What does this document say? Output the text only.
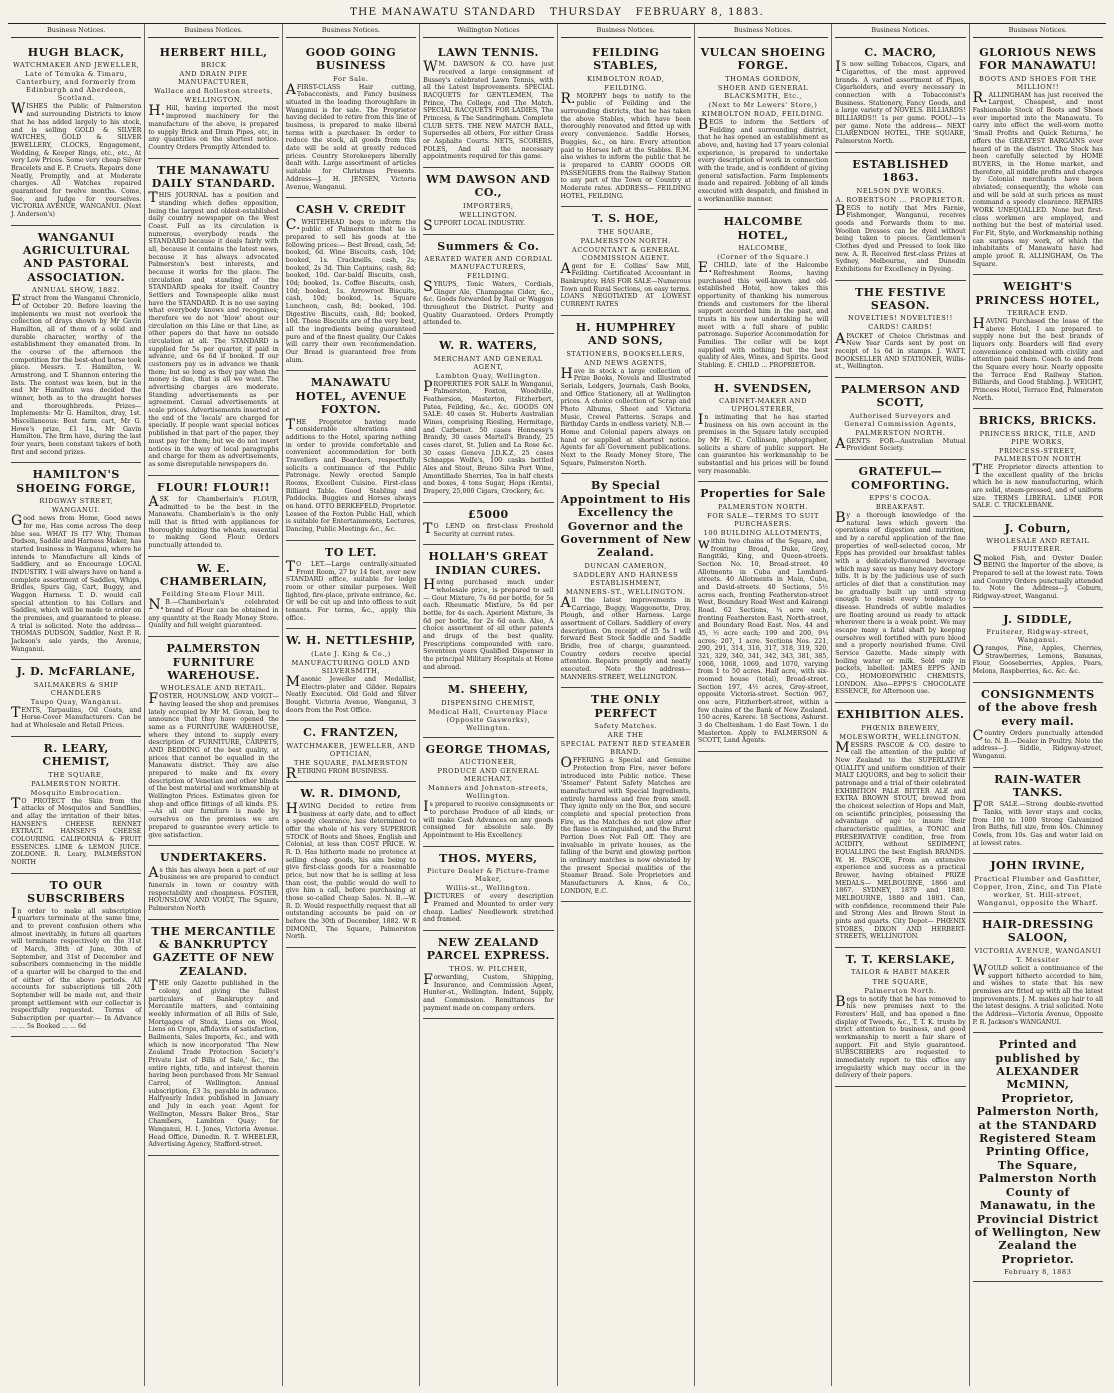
THE MANAWATU STANDARD THURSDAY FEBRUARY 8, 1883.
Business Notices.
HUGH BLACK,
WATCHMAKER AND JEWELLER,
Late of Temuka & Timaru, Canterbury, and formerly from Edinburgh and Aberdeen, Scotland.

WISHES the Public of Palmerston and surrounding Districts to know that he has added largely to his stock, and is selling GOLD & SILVER WATCHES, GOLD & SILVER JEWELLERY, CLOCKS, Engagement, Wedding, & Keeper Rings, etc., etc., At very Low Prices. Some very cheap Silver Bracelets and E. P. Cruets. Repairs done Neatly, Promptly, and at Moderate charges. All Watches repaired guaranteed for twelve months. Come, See, and Judge for yourselves. VICTORIA AVENUE, WANGANUI. (Next J. Anderson's)

WANGANUI AGRICULTURAL AND PASTORAL ASSOCIATION.
ANNUAL SHOW, 1882.

Extract from the Wanganui Chronicle, of October 20. Before leaving the implements we must not overlook the collection of drays shown by Mr Gavin Hamilton, all of them of a solid and durable character, worthy of the establishment they emanated from. In the course of the afternoon the competition for the best-shod horse took place. Messrs. T. Hamilton, W. Armstrong, and T. Shannon entering the lists. The contest was keen, but in the end Mr Hamilton was decided the winner, both as to the draught horses and thoroughbreds. Prizes—Implements: Mr G. Hamilton, dray, 1st. Miscellaneous: Best farm cart, Mr G. Howe's prize, £1 1s., Mr Gavin Hamilton. The firm have, during the last four years, been constant takers of both first and second prizes.

HAMILTON'S SHOEING FORGE,
RIDGWAY STREET,
WANGANUI.

Good news from Home, Good news for me, Has come across The deep blue sea. WHAT IS IT? Why, Thomas Dudson, Saddle and Harness Maker, has started business in Wanganui, where he intends to Manufacture all kinds of Saddlery, and so Encourage LOCAL INDUSTRY. I will always have on hand a complete assortment of Saddles, Whips, Bridles, Spurs Gig, Cart, Buggy, and Waggon Harness. T. D. would call special attention to his Collars and Saddles, which will be made to order on the premises, and guaranteed to please. A trial is solicited. Note the address— THOMAS DUDSON, Saddler, Next P. R. Jackson's sale yards, the Avenue, Wanganui.

J. D. McFARLANE,
SAILMAKERS & SHIP CHANDLERS
Taupo Quay, Wanganui.

TENTS, Tarpaulins, Oil Coats, and Horse-Cover Manufacturers. Can be had at Wholesale and Retail Prices.

R. LEARY, CHEMIST,
THE SQUARE,
PALMERSTON NORTH.
Mosquito Embrocation.

TO PROTECT the Skin from the attacks of Mosquitos and Sandflies, and allay the irritation of their bites. HANSEN'S CHEESE RENNET EXTRACT. HANSEN'S CHEESE COLOURING. CALIFORNIA & FRUIT ESSENCES. LIME & LEMON JUICE. ZOLDONE. R. Leary, PALMERSTON NORTH

TO OUR SUBSCRIBERS

In order to make all subscription quarters terminate at the same time, and to prevent confusion others who almost inevitably, in future all quarters will terminate respectively on the 31st of March, 30th of June, 30th of September, and 31st of December and subscribers commencing in the middle of a quarter will be charged to the end of either of the above periods. All accounts for subscriptions till 20th September will be made out, and their prompt settlement with our collector is respectfully requested. Terms of Subscription per quarter:— In Advance ... ... 5s Booked ... ... 6d

Business Notices.
HERBERT HILL,
BRICK
AND DRAIN PIPE MANUFACTURER,
Wallace and Rolleston streets,
WELLINGTON.

H.Hill, having imported the most improved machinery for the manufacture of the above, is prepared to supply Brick and Drain Pipes, etc, in any quantities on the shortest notice. Country Orders Promptly Attended to.

THE MANAWATU DAILY STANDARD.

THIS JOURNAL has a position and standing which defies opposition, being the largest and oldest-established daily country newspaper on the West Coast. Full as its circulation is numerous, everybody reads the STANDARD because it deals fairly with all, because it contains the latest news, because it has always advocated Palmerston's best interests, and because it works for the place. The circulation and standing of the STANDARD speaks for itself. Country Settlers and Townspeople alike must have the STANDARD. It is no use saying what everybody knows and recognises; therefore we do not 'blow' about our circulation on this Line or that Line, as other papers do that have no outside circulation at all. The STANDARD is supplied for 5s per quarter, if paid in advance, and 6s 6d if booked. If our customers pay us in advance we thank them; but so long as they pay when the money is due, that is all we want. The advertising charges are moderate. Standing advertisements as per agreement. Casual advertisements at scale prices. Advertisements inserted at the end of the 'locals' are charged for specially. If people want special notices published in that part of the paper, they must pay for them; but we do not insert notices in the way of local paragraphs and charge for them as advertisements, as some disreputable newspapers do.

FLOUR! FLOUR!!

ASK for Chamberlain's FLOUR, admitted to be the best in the Manawatu. Chamberlain's is the only mill that is fitted with appliances for thoroughly mixing the wheats, essential to making Good Flour. Orders punctually attended to.

W. E. CHAMBERLAIN,
Feilding Steam Flour Mill.

N.B.—Chamberlain's celebrated brand of Flour can be obtained in any quantity at the Ready Money Store. Quality and full weight guaranteed.

PALMERSTON FURNITURE WAREHOUSE.
WHOLESALE AND RETAIL.

FOSTER, HOUNSLOW, AND VOIGT—having leased the shop and premises lately occupied by Mr M. Govan, beg to announce that they have opened the same as a FURNITURE WAREHOUSE, where they intend to supply every description of FURNITURE, CARPETS, AND BEDDING of the best quality, at prices that cannot be equalled in the Manawatu district. They are also prepared to make and fix every description of Venetian and other blinds of the best material and workmanship at Wellington Prices. Estimates given for shop and office fittings of all kinds. P.S.—As all our furniture is made by ourselves on the premises we are prepared to guarantee every article to give satisfaction.

UNDERTAKERS.

As this has always been a part of our business we are prepared to conduct funerals in town or country with respectability and cheapness. FOSTER, HOUNSLOW, AND VOIGT, The Square, Palmerston North

THE MERCANTILE & BANKRUPTCY GAZETTE OF NEW ZEALAND.

THE only Gazette published in the colony, and giving the fullest particulars of Bankruptcy and Mercantile matters, and containing weekly information of all Bills of Sale, Mortgages of Stock, Liens on Wool, Liens on Crops, affidavits of satisfaction, Bailments, Sales Imports, &c., and with which is now incorporated 'The New Zealand Trade Protection Society's Private List of Bills of Sale,' &c., the entire rights, title, and interest therein having been purchased from Mr Samuel Carrol, of Wellington. Annual subscription, £3 3s, payable in advance. Halfyearly Index published in January and July in each year. Agent for Wellington, Messrs Baker Bros., Star Chambers, Lambton Quay; for Wanganui, H. I. Jones, Victoria Avenue. Head Office, Dunedin. R. T. WHEELER, Advertising Agency, Stafford-street.

Business Notices.
GOOD GOING BUSINESS
For Sale.

AFIRST-CLASS Hair cutting, Tobacconists, and Fancy business situated in the leading thoroughfare in Wanganui is for sale. The Proprietor having decided to retire from this line of business, is prepared to make liberal terms with a purchaser. In order to reduce the stock, all goods from this date will be sold at greatly reduced prices. Country Storekeepers liberally dealt with. Large assortment of articles suitable for Christmas Presents. Address—J. H. JENSEN, Victoria Avenue, Wanganui.

CASH V. CREDIT

C.WHITEHEAD begs to inform the public of Palmerston that he is prepared to sell his goods at the following prices:— Best Bread, cash, 5d; booked, 6d. Wine Biscuits, cash, 10d; booked, 1s. Cracknells, cash, 2s; booked, 2s 3d. Thin Captains, cash, 8d; booked, 10d. Gar-baldi Biscuits, cash, 10d; booked, 1s. Coffee Biscuits, cash, 10d; booked, 1s. Arrowroot Biscuits, cash, 10d; booked, 1s. Square Luncheon, cash, 8d; booked, 10d. Digestive Biscuits, cash, 8d; booked, 10d. These Biscuits are of the very best, all the ingredients being guaranteed pure and of the finest quality. Our Cakes will carry their own recommendation. Our Bread is guaranteed free from alum.

MANAWATU HOTEL, AVENUE FOXTON.

THE Proprietor having made considerable alterations and additions to the Hotel, sparing nothing in order to provide comfortable and convenient accommodation for both Travellers and Boarders, respectfully solicits a continuance of the Public Patronage. Newly erected Sample Rooms, Excellent Cuisine. First-class Billiard Table. Good Stabling and Paddocks. Buggies and Horses always on hand. OTTO BERKEFELD, Proprietor. Lessee of the Foxton Public Hall, which is suitable for Entertainments, Lectures, Dancing, Public Meetings &c., &c.

TO LET.

TO LET.—Large centrally-situated Front Room, 27 by 14 feet, over new STANDARD office, suitable for lodge room or other similar purposes. Well lighted, fire-place, private entrance, &c. Or will be cut up and into offices to suit tenants. For terms, &c., apply this office.

W. H. NETTLESHIP,
(Late J. King & Co.,)
MANUFACTURING GOLD AND SILVERSMITH,

Masonic Jeweller and Medallist, Electro-plater and Gilder. Repairs Neatly Executed. Old Gold and Silver Bought. Victoria Avenue, Wanganui, 3 doors from the Post Office.

C. FRANTZEN,
WATCHMAKER, JEWELLER, AND OPTICIAN,
THE SQUARE, PALMERSTON

RETIRING FROM BUSINESS.

W. R. DIMOND,

HAVING Decided to retire from business at early date, and to effect a speedy clearance, has determined to offer the whole of his very SUPERIOR STOCK of Boots and Shoes, English and Colonial, at less than COST PRICE. W. R. D. Has hitherto made no pretence at selling cheap goods, his aim being to give first-class goods for a reasonable price, but now that he is selling at less than cost, the public would do well to give him a call, before purchasing at those so-called Cheap Sales. N. B.—W. R. D. Would respectfully request that all outstanding accounts be paid on or before the 30th of December, 1882. W R DIMOND, The Square, Palmerston North.

Wellington Notices
LAWN TENNIS.

WM. DAWSON & CO. have just received a large consignment of Bussey's celebrated Lawn Tennis, with all the Latest Improvements. SPECIAL RACQUETS for GENTLEMEN, The Prince, The College, and The Match. SPECIAL RACQUETS FOR LADIES, The Princess, & The Sandringham. Complete CLUB SETS. THE NEW MATCH BALL, Supersedes all others, For either Grass or Asphalte Courts. NETS, SCORERS, POLES, And all the necessary appointments required for this game.

WM DAWSON AND CO.,
IMPORTERS,
WELLINGTON.

SUPPORT LOCAL INDUSTRY.

Summers & Co.
AERATED WATER AND CORDIAL MANUFACTURERS,
FEILDING.

SYRUPS, Tonic Waters, Cordials, Ginger Ale, Champagne Cider, &c., &c. Goods forwarded by Rail or Waggon throughout the District. Purity and Quality Guaranteed. Orders Promptly attended to.

W. R. WATERS,
MERCHANT AND GENERAL AGENT,
Lambton Quay, Wellington.

PROPERTIES FOR SALE In Wanganui, Palmerston, Foxton, Woodville, Feathersion, Masterton, Fitzherbert, Patea, Feilding, &c., &c. GOODS ON SALE: 40 cases St. Huberts Australian Wines, comprising Riesling, Hermitage, and Carbenet. 50 cases Hennessy's Brandy, 30 cases Martell's Brandy, 25 cases claret, St. Julien and La Rose &c. 30 cases Geneva J.D.K.Z, 25 cases Schnapps Wolfe's, 100 casks bottled Ales and Stout, Bruno Silva Port Wine, Amontillado Sherries, Tea in half chests and boxes, 4 tons Sugar, Hops (Kents), Drapery, 25,000 Cigars, Crockery, &c.

£5000

TO LEND on first-class Freehold Security at current rates.

HOLLAH'S GREAT INDIAN CURES.

Having purchased much under wholesale price, is prepared to sell— Gout Mixture, 7s 6d per bottle, for 5s each. Rheumatic Mixture, 5s 6d per bottle, for 4s each. Aperient Mixture, 3s 6d per bottle, for 2s 6d each. Also, A choice assortment of all other patents and drugs of the best quality. Prescriptions compounded with care. Seventeen years Qualified Dispenser in the principal Military Hospitals at Home and abroad.

M. SHEEHY,
DISPENSING CHEMIST,
Medical Hall, Courtenay Place (Opposite Gasworks), Wellington.
GEORGE THOMAS,
AUCTIONEER,
PRODUCE AND GENERAL MERCHANT,
Manners and Johnston-streets, Wellington.

Is prepared to receive consignments or to purchase Produce of all kinds, or will make Cash Advances on any goods consigned for absolute sale. By Appointment to His Excellency.

THOS. MYERS,
Picture Dealer & Picture-frame Maker,
Willis-st., Wellington.

PICTURES of every description Framed and Mounted to order very cheap. Ladies' Needlework stretched and framed.

NEW ZEALAND PARCEL EXPRESS.
THOS. W. PILCHER,

Forwarding, Custom, Shipping, Insurance, and Commission Agent, Hunter-st., Wellington. Indent, Supply, and Commission. Remittances for payment made on company orders.

Business Notices.
FEILDING STABLES,
KIMBOLTON ROAD,
FEILDING.

R.MORPHY begs to notify to the public of Feilding and the surrounding districts, that he has taken the above Stables, which have been thoroughly renovated and fitted up with every convenience. Saddle Horses, Buggies, &c., on hire. Every attention paid to Horses left at the Stables. R.M. also wishes to inform the public that he is prepared to CARRY GOODS OR PASSENGERS from the Railway Station to any part of the Town or Country at Moderate rates. ADDRESS— FEILDING HOTEL, FEILDING.

T. S. HOE,
THE SQUARE,
PALMERSTON NORTH.
ACCOUNTANT & GENERAL COMMISSION AGENT.

Agent for E. Collins' Saw Mill, Feilding. Certificated Accountant in Bankruptcy. HAS FOR SALE—Numerous Town and Rural Sections, on easy terms. LOANS NEGOTIATED AT LOWEST CURRENT RATES

H. HUMPHREY AND SONS,
STATIONERS, BOOKSELLERS,
AND NEWS AGENTS,

Have in stock a large collection of Prize Books, Novels and Illustrated Serials, Ledgers, Journals, Cash Books, and Office Stationery, all at Wellington prices. A choice collection of Scrap and Photo Albums, Sheet and Victoria Music, Crewel Patterns. Scraps and Birthday Cards in endless variety. N.B.—Home and Colonial papers always on hand or supplied at shortest notice. Agents for all Government publications. Next to the Ready Money Store, The Square, Palmerston North.

By Special Appointment to His Excellency the Governor and the Government of New Zealand.
DUNCAN CAMERON,
SADDLERY AND HARNESS ESTABLISHMENT,
MANNERS-ST., WELLINGTON.

All the latest improvements in Carriage, Buggy, Waggonette, Dray, Plough, and other Harness. Large assortment of Collars. Saddlery of every description. On receipt of £5 5s I will forward Best Stock Saddle and Saddle Bridle, free of charge, guaranteed. Country orders receive special attention. Repairs promptly and neatly executed. Note the address— MANNERS-STREET, WELLINGTON.

THE ONLY PERFECT
Safety Matches.
ARE THE
SPECIAL PATENT RED STEAMER BRAND.

OFFERING a Special and Genuine Protection from Fire, never before introduced into Public notice. These 'Steamer' Patent Safety Matches are manufactured with Special Ingredients, entirely harmless and free from smell. They ignite only on the Box, and secure complete and special protection from Fire, as the Matches do not glow after the flame is extinguished, and the Burnt Portion Does Not Fall Off. They are invaluable in private houses, as the falling of the burnt and glowing portion in ordinary matches is now obviated by the present Special qualities of the Steamer Brand. Sole Proprietors and Manufacturers A. Knos, & Co., LONDON, E.C.

Business Notices.
VULCAN SHOEING FORGE.
THOMAS GORDON,
SHOER AND GENERAL BLACKSMITH, Etc.,
(Next to Mr Lewers' Store,)
KIMBOLTON ROAD, FEILDING.

BEGS to inform the Settlers of Feilding and surrounding district, that he has opened an establishment as above, and, having had 17 years colonial experience, is prepared to undertake every description of work in connection with the trade, and is confident of giving general satisfaction. Farm Implements made and repaired. Jobbing of all kinds executed with despatch, and finished in a workmanlike manner.

HALCOMBE HOTEL,
HALCOMBE,
(Corner of the Square.)

E.CHILD, late of the Halcombe Refreshment Rooms, having purchased this well-known and old-established Hotel, now takes this opportunity of thanking his numerous friends and customers for the liberal support accorded him in the past, and trusts in his new undertaking he will meet with a full share of public patronage. Superior Accommodation for Families. The cellar will be kept supplied with nothing but the best quality of Ales, Wines, and Spirits. Good Stabling. E. CHILD ... PROPRIETOR.

H. SVENDSEN,
CABINET-MAKER AND UPHOLSTERER,

In intimating that he has started business on his own account in the premises in the Square lately occupied by Mr H. C. Collinson, photographer, solicits a share of public support. He can guarantee his workmanship to be substantial and his prices will be found very reasonable.

Properties for Sale
PALMERSTON NORTH.
FOR SALE—TERMS TO SUIT PURCHASERS.
100 BUILDING ALLOTMENTS,

within two chains of the Square, and fronting Broad, Duke, Grey, Rangitiki, King, and Queen-streets. Section No. 10, Broad-street. 40 Allotments in Cuba and Lombard-streets. 40 Allotments in Main, Cuba, and David-streets. 40 Sections, 5½ acres each, fronting Featherston-street West, Boundary Road West and Kairangi Road. 62 Sections, ¼ acre each, fronting Featherston East, North-street, and Boundary Road East. Nos. 44 and 45, ½ acre each; 199 and 200, 9¼ acres; 207, 1 acre. Sections Nos. 221, 290, 291, 314, 316, 317, 318, 319, 320, 321, 329, 340, 341, 342, 343, 381, 385, 1066, 1068, 1069, and 1070, varying from 1 to 50 acres. Half acre, with six-roomed house (total), Broad-street. Section 197, 4½ acres, Grey-street, opposite Victoria-street. Section 967, one acre, Fitzherbert-street, within a few chains of the Bank of New Zealand. 150 acres, Karere. 18 Sections, Ashurst. 3 do Cheltenham. 1 do East Town. 1 do Masterton. Apply to FALMERSON & SCOTT, Land Agents.

Business Notices.
C. MACRO,

IS now selling Tobaccos, Cigars, and Cigarettes, of the most approved brands. A varied assortment of Pipes, Cigarholders, and every necessary in connection with a Tobacconist's Business. Stationery, Fancy Goods, and a large variety of NOVELS. BILLIARDS! BILLIARDS!! 1s per game. POOL!—1s per game. Note the address— NEXT CLARENDON HOTEL, THE SQUARE, Palmerston North.

ESTABLISHED 1863.
NELSON DYE WORKS.
A. ROBERTSON ... PROPRIETOR.

BEGS to notify that Mrs Farnie, Fishmonger, Wanganui, receives goods and Forwards them to me. Woollen Dresses can be dyed without being taken to pieces. Gentlemen's Clothes dyed and Pressed to look like new. A. R. Received first-class Prizes at Sydney, Melbourne, and Dunedin Exhibitions for Excellency in Dyeing.

THE FESTIVE SEASON.
NOVELTIES! NOVELTIES!!
CARDS! CARDS!

APACKET of Choice Christmas and New Year Cards sent by post on receipt of 1s 6d in stamps. J. WATT, BOOKSELLER AND STATIONER, Willis-st., Wellington.

PALMERSON AND SCOTT,
Authorised Surveyors and General Commission Agents,
PALMERSTON NORTH.

AGENTS FOR—Australian Mutual Provident Society.

GRATEFUL—COMFORTING.
EPPS'S COCOA.
BREAKFAST.

By a thorough knowledge of the natural laws which govern the operations of digestion and nutrition, and by a careful application of the fine properties of well-selected cocoa, Mr Epps has provided our breakfast tables with a delicately-flavoured beverage which may save us many heavy doctors' bills. It is by the judicious use of such articles of diet that a constitution may be gradually built up until strong enough to resist every tendency to disease. Hundreds of subtle maladies are floating around us ready to attack wherever there is a weak point. We may escape many a fatal shaft by keeping ourselves well fortified with pure blood and a properly nourished frame. Civil Service Gazette. Made simply with boiling water or milk. Sold only in packets, labelled: JAMES EPPS AND CO., HOMOEOPATHIC CHEMISTS, LONDON. Also—EPPS'S CHOCOLATE ESSENCE, for Afternoon use.

EXHIBITION ALES.
PHŒNIX BREWERY,
MOLESWORTH, WELLINGTON.

MESSRS PASCOE & CO. desire to call the attention of the public of New Zealand to the SUPERLATIVE QUALITY and uniform condition of their MALT LIQUORS, and beg to solicit their patronage and a trial of their celebrated EXHIBITION PALE BITTER ALE and EXTRA BROWN STOUT, brewed from the choicest selection of Hops and Malt, on scientific principles, possessing the advantage of age to insure their characteristic qualities, a TONIC and PRESERVATIVE condition, free from ACIDITY, without SEDIMENT, EQUALLING the best English BRANDS. W. H. PASCOE, From an extensive experience and success as a practical Brewer, having obtained PRIZE MEDALS— MELBOURNE, 1866 and 1867. SYDNEY, 1879 and 1880. MELBOURNE, 1880 and 1881. Can, with confidence, recommend their Pale and Strong Ales and Brown Stout in pints and quarts. City Depot— PHŒNIX STORES, DIXON AND HERBERT-STREETS, WELLINGTON.

T. T. KERSLAKE,
TAILOR & HABIT MAKER
THE SQUARE,
Palmerston North.

Begs to notify that he has removed to his new premises next to the Foresters' Hall, and has opened a fine display of Tweeds, &c., T. T. K. trusts by strict attention to business, and good workmanship to merit a fair share of support. Fit and Style guaranteed. SUBSCRIBERS are requested to immediately report to this office any irregularity which may occur in the delivery of their papers.

Business Notices.
GLORIOUS NEWS FOR MANAWATU!
BOOTS AND SHOES FOR THE MILLION!!

R.ALLINGHAM has just received the Largest, Cheapest, and most Fashionable Stock of Boots and Shoes ever imported into the Manawatu. To carry into effect the well-worn motto 'Small Profits and Quick Returns,' he offers the GREATEST BARGAINS ever heard of in the district. The Stock has been carefully selected by HOME BUYERS, in the Home market, and therefore, all middle profits and charges by Colonial merchants have been obviated; consequently, the whole can and will be sold at such prices as must command a speedy clearance. REPAIRS WORK UNEQUALLED. None but first-class workmen are employed, and nothing but the best of material used. For Fit, Style, and Workmanship nothing can surpass my work, of which the inhabitants of Manawatu have had ample proof. R. ALLINGHAM, On The Square.

WEIGHT'S PRINCESS HOTEL,
TERRACE END.

HAVING Purchased the lease of the above Hotel, I am prepared to supply none but the best brands of liquors only. Boarders will find every convenience combined with civility and attention paid them. Coach to and from the Square every hour. Nearly opposite the Terrace End Railway Station. Billiards, and Good Stabling. J. WEIGHT, Princess Hotel, Terrace End, Palmerston North.

BRICKS, BRICKS.
PRINCESS BRICK, TILE, AND PIPE WORKS,
PRINCESS-STREET, PALMERSTON NORTH

THE Proprietor directs attention to the excellent quality of the bricks which he is now manufacturing, which are solid, steam-pressed, and of uniform size. TERMS LIBERAL. LIME FOR SALE. C. TRICKLEBANK.

J. Coburn,
WHOLESALE AND RETAIL FRUITERER.

Smoked Fish, and Oyster Dealer. BEING the Importer of the above, is Prepared to sell at the lowest rate. Town and Country Orders punctually attended to. Note the Address—J. Coburn, Ridgway-street, Wanganui.

J. SIDDLE,
Fruiterer, Ridgway-street, Wanganui.

Oranges, Pine, Apples, Cherries, Strawberries, Lemons, Bananas, Flour, Gooseberries, Apples, Pears, Melons, Raspberries, &c. &c. &c.

CONSIGNMENTS of the above fresh every mail.

Country Orders punctually attended to. N. B.—Dealer in Poultry. Note the address—J. Siddle, Ridgway-street, Wanganui.

RAIN-WATER TANKS.

FOR SALE.—Strong double-rivetted Tanks, with lever stays and cocks, from 100 to 1000 Strong Galvanized Iron Baths, full size, from 40s. Chimney Cowls, from 10s. Gas and water laid on at lowest rates.

JOHN IRVINE,
Practical Plumber and Gasfitter, Copper, Iron, Zinc, and Tin Plate worker, St. Hill-street, Wanganui, opposite the Wharf.
HAIR-DRESSING SALOON,
VICTORIA AVENUE, WANGANUI
T. Messiter

WOULD solicit a continuance of the support hitherto accorded to him, and wishes to state that his new premises are fitted up with all the latest improvements. J. M. makes up hair to all the latest designs. A trial solicited. Note the Address—Victoria Avenue, Opposite P. R. Jackson's WANGANUI.

Printed and published by ALEXANDER McMINN, Proprietor, Palmerston North, at the STANDARD Registered Steam Printing Office, The Square, Palmerston North County of Manawatu, in the Provincial District of Wellington, New Zealand the Proprietor.
February 8, 1883
